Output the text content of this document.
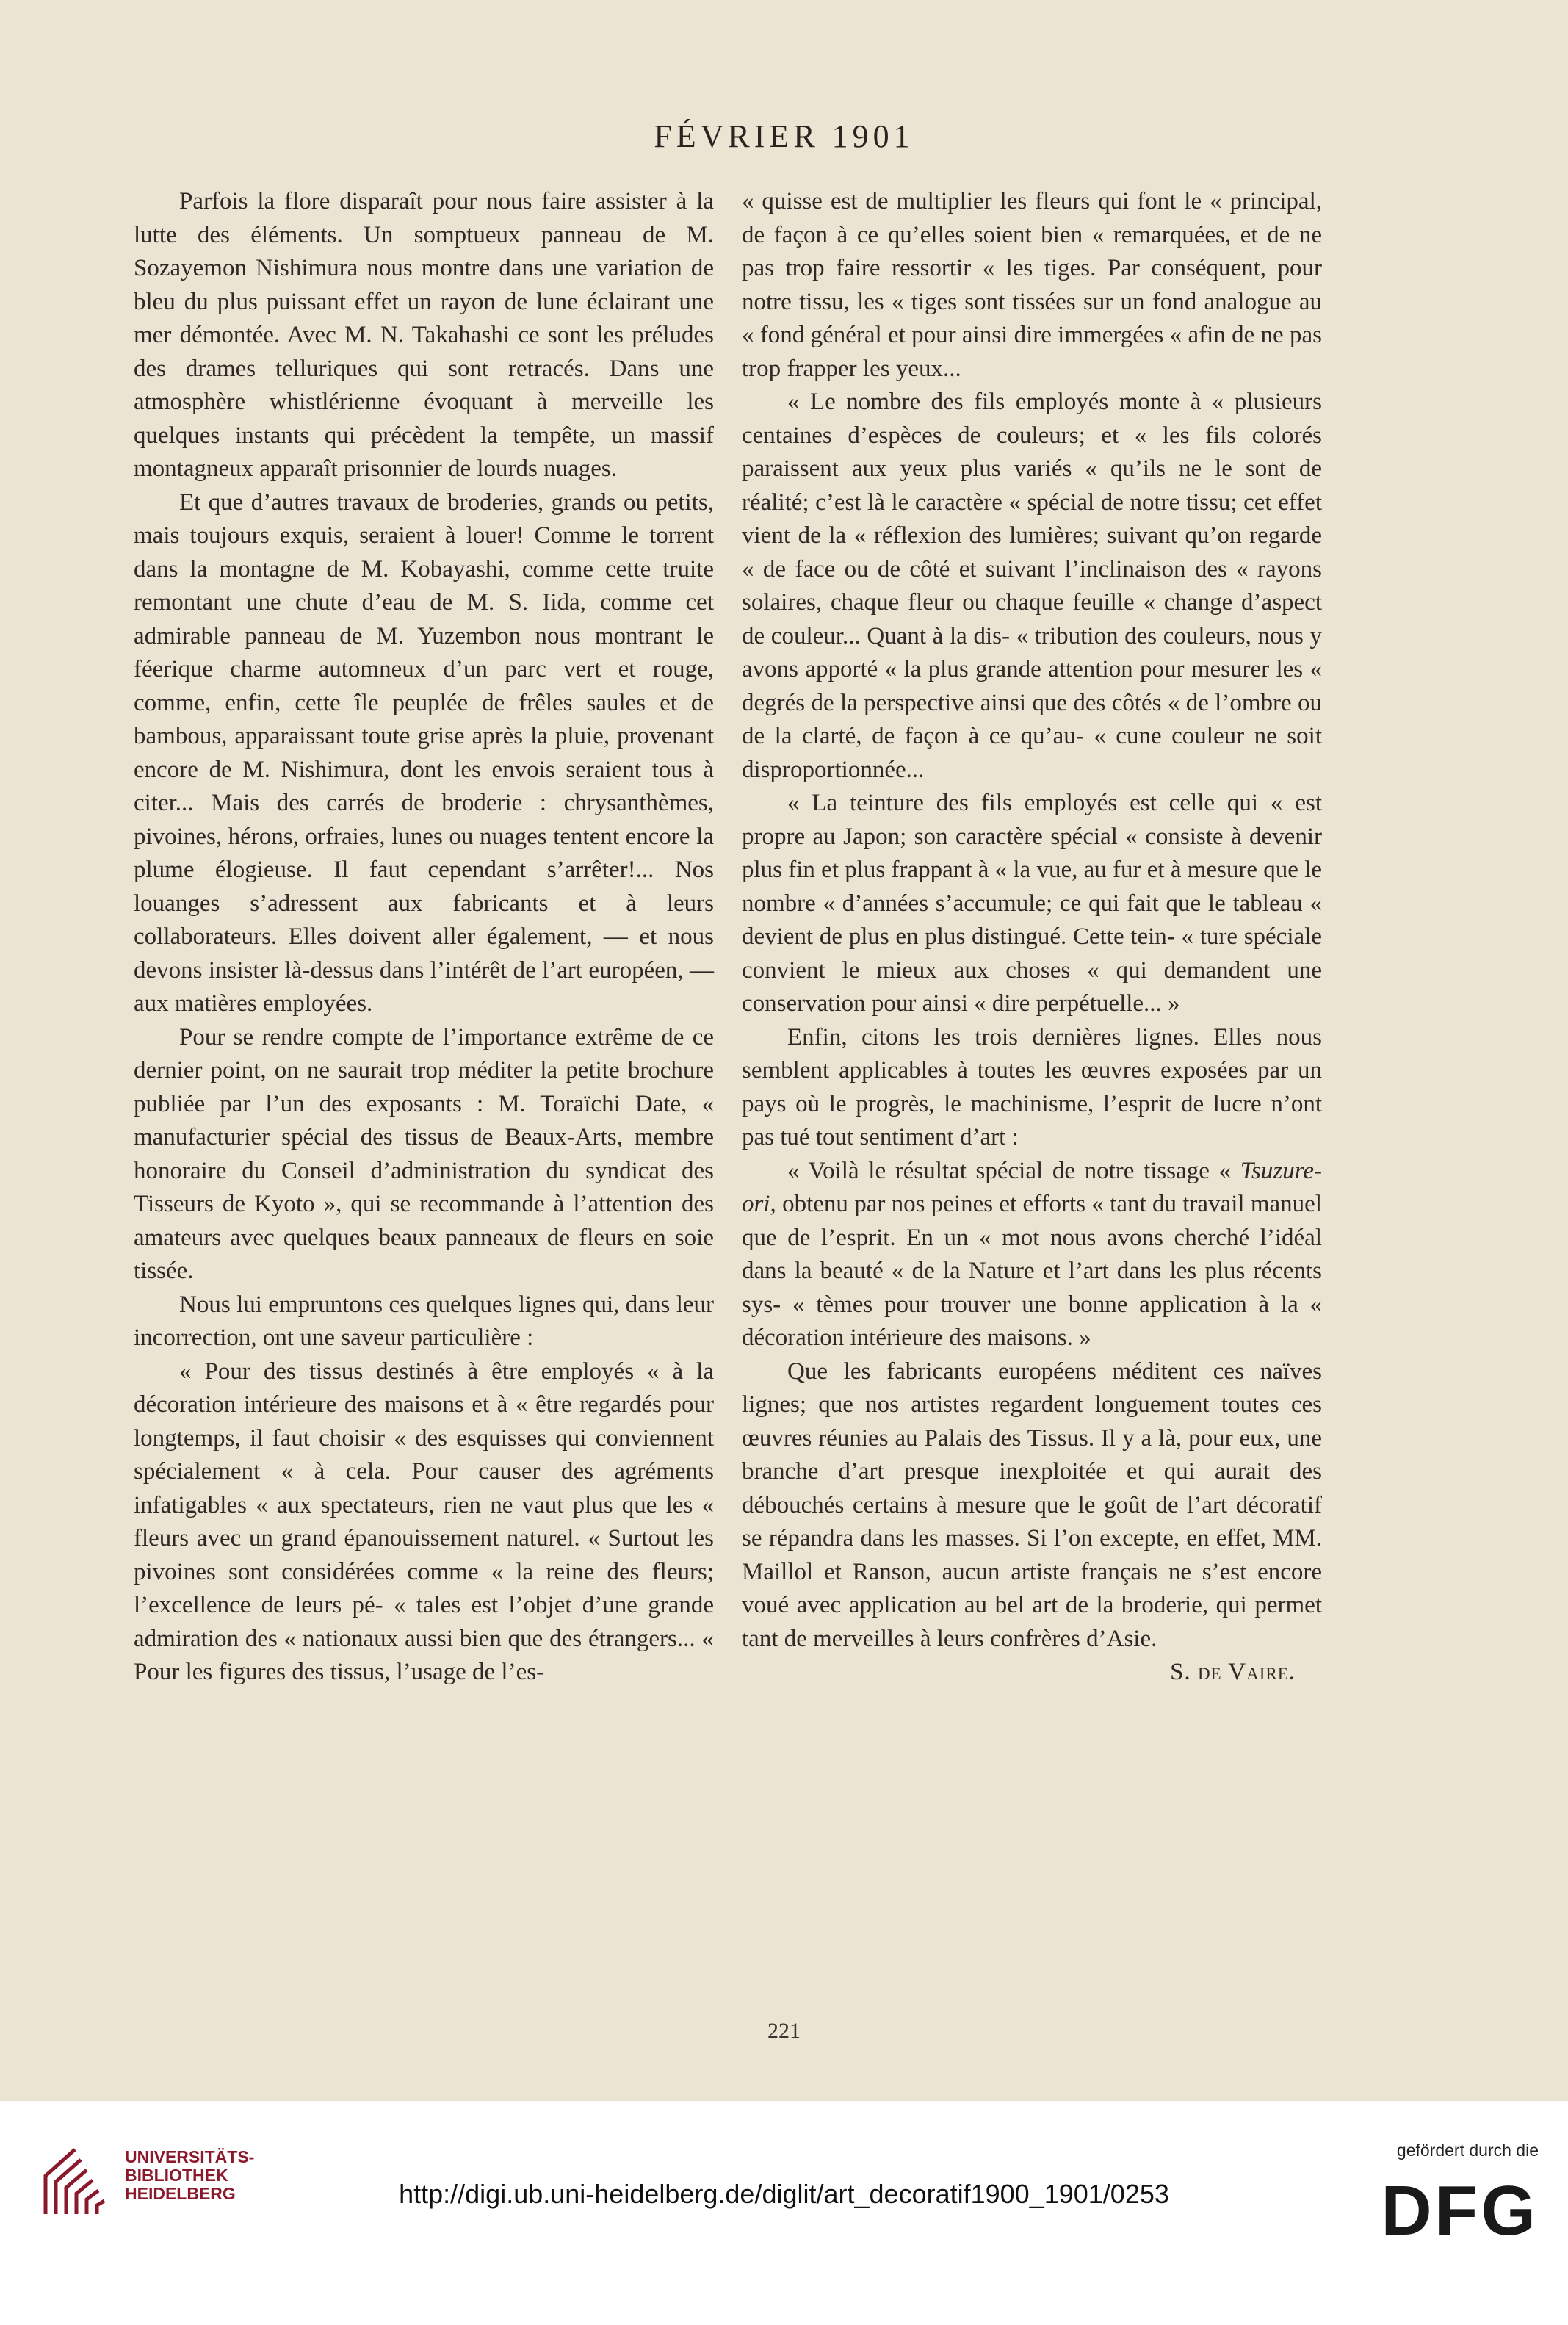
FÉVRIER 1901

Parfois la flore disparaît pour nous faire assister à la lutte des éléments. Un somptueux panneau de M. Sozayemon Nishimura nous montre dans une variation de bleu du plus puissant effet un rayon de lune éclairant une mer démontée. Avec M. N. Takahashi ce sont les préludes des drames telluriques qui sont retracés. Dans une atmosphère whistlérienne évoquant à merveille les quelques instants qui précèdent la tempête, un massif montagneux apparaît prisonnier de lourds nuages.

Et que d’autres travaux de broderies, grands ou petits, mais toujours exquis, seraient à louer! Comme le torrent dans la montagne de M. Kobayashi, comme cette truite remontant une chute d’eau de M. S. Iida, comme cet admirable panneau de M. Yuzembon nous montrant le féerique charme automneux d’un parc vert et rouge, comme, enfin, cette île peuplée de frêles saules et de bambous, apparaissant toute grise après la pluie, provenant encore de M. Nishimura, dont les envois seraient tous à citer... Mais des carrés de broderie : chrysanthèmes, pivoines, hérons, orfraies, lunes ou nuages tentent encore la plume élogieuse. Il faut cependant s’arrêter!... Nos louanges s’adressent aux fabricants et à leurs collaborateurs. Elles doivent aller également, — et nous devons insister là-dessus dans l’intérêt de l’art européen, — aux matières employées.

Pour se rendre compte de l’importance extrême de ce dernier point, on ne saurait trop méditer la petite brochure publiée par l’un des exposants : M. Toraïchi Date, « manufacturier spécial des tissus de Beaux-Arts, membre honoraire du Conseil d’administration du syndicat des Tisseurs de Kyoto », qui se recommande à l’attention des amateurs avec quelques beaux panneaux de fleurs en soie tissée.

Nous lui empruntons ces quelques lignes qui, dans leur incorrection, ont une saveur particulière :

« Pour des tissus destinés à être employés « à la décoration intérieure des maisons et à « être regardés pour longtemps, il faut choisir « des esquisses qui conviennent spécialement « à cela. Pour causer des agréments infatigables « aux spectateurs, rien ne vaut plus que les « fleurs avec un grand épanouissement naturel. « Surtout les pivoines sont considérées comme « la reine des fleurs; l’excellence de leurs pé- « tales est l’objet d’une grande admiration des « nationaux aussi bien que des étrangers... « Pour les figures des tissus, l’usage de l’es-

« quisse est de multiplier les fleurs qui font le « principal, de façon à ce qu’elles soient bien « remarquées, et de ne pas trop faire ressortir « les tiges. Par conséquent, pour notre tissu, les « tiges sont tissées sur un fond analogue au « fond général et pour ainsi dire immergées « afin de ne pas trop frapper les yeux...

« Le nombre des fils employés monte à « plusieurs centaines d’espèces de couleurs; et « les fils colorés paraissent aux yeux plus variés « qu’ils ne le sont de réalité; c’est là le caractère « spécial de notre tissu; cet effet vient de la « réflexion des lumières; suivant qu’on regarde « de face ou de côté et suivant l’inclinaison des « rayons solaires, chaque fleur ou chaque feuille « change d’aspect de couleur... Quant à la dis- « tribution des couleurs, nous y avons apporté « la plus grande attention pour mesurer les « degrés de la perspective ainsi que des côtés « de l’ombre ou de la clarté, de façon à ce qu’au- « cune couleur ne soit disproportionnée...

« La teinture des fils employés est celle qui « est propre au Japon; son caractère spécial « consiste à devenir plus fin et plus frappant à « la vue, au fur et à mesure que le nombre « d’années s’accumule; ce qui fait que le tableau « devient de plus en plus distingué. Cette tein- « ture spéciale convient le mieux aux choses « qui demandent une conservation pour ainsi « dire perpétuelle... »

Enfin, citons les trois dernières lignes. Elles nous semblent applicables à toutes les œuvres exposées par un pays où le progrès, le machinisme, l’esprit de lucre n’ont pas tué tout sentiment d’art :

« Voilà le résultat spécial de notre tissage « Tsuzure-ori, obtenu par nos peines et efforts « tant du travail manuel que de l’esprit. En un « mot nous avons cherché l’idéal dans la beauté « de la Nature et l’art dans les plus récents sys- « tèmes pour trouver une bonne application à la « décoration intérieure des maisons. »

Que les fabricants européens méditent ces naïves lignes; que nos artistes regardent longuement toutes ces œuvres réunies au Palais des Tissus. Il y a là, pour eux, une branche d’art presque inexploitée et qui aurait des débouchés certains à mesure que le goût de l’art décoratif se répandra dans les masses. Si l’on excepte, en effet, MM. Maillol et Ranson, aucun artiste français ne s’est encore voué avec application au bel art de la broderie, qui permet tant de merveilles à leurs confrères d’Asie.

S. de Vaire.

221
UNIVERSITÄTS-
BIBLIOTHEK
HEIDELBERG	http://digi.ub.uni-heidelberg.de/diglit/art_decoratif1900_1901/0253
gefördert durch die
DFG
